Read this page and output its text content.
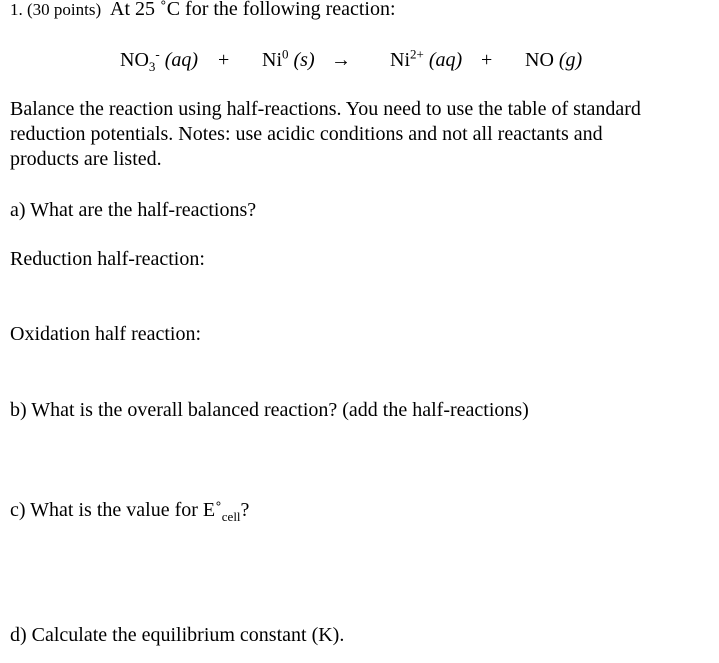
1. (30 points) At 25 ˚C for the following reaction:
$NO_3^-$ $(aq) + Ni^0$ $(s) \to Ni^{2+}$ (aq) + NO (g)
Balance the reaction using half-reactions. You need to use the table of standard
reduction potentials. Notes: use acidic conditions and not all reactants and
products are listed.
a) What are the half-reactions?
Reduction half-reaction:
Oxidation half reaction:
b) What is the overall balanced reaction? (add the half-reactions)
c) What is the value for $E˚_{cell}$?
d) Calculate the equilibrium constant (K).
